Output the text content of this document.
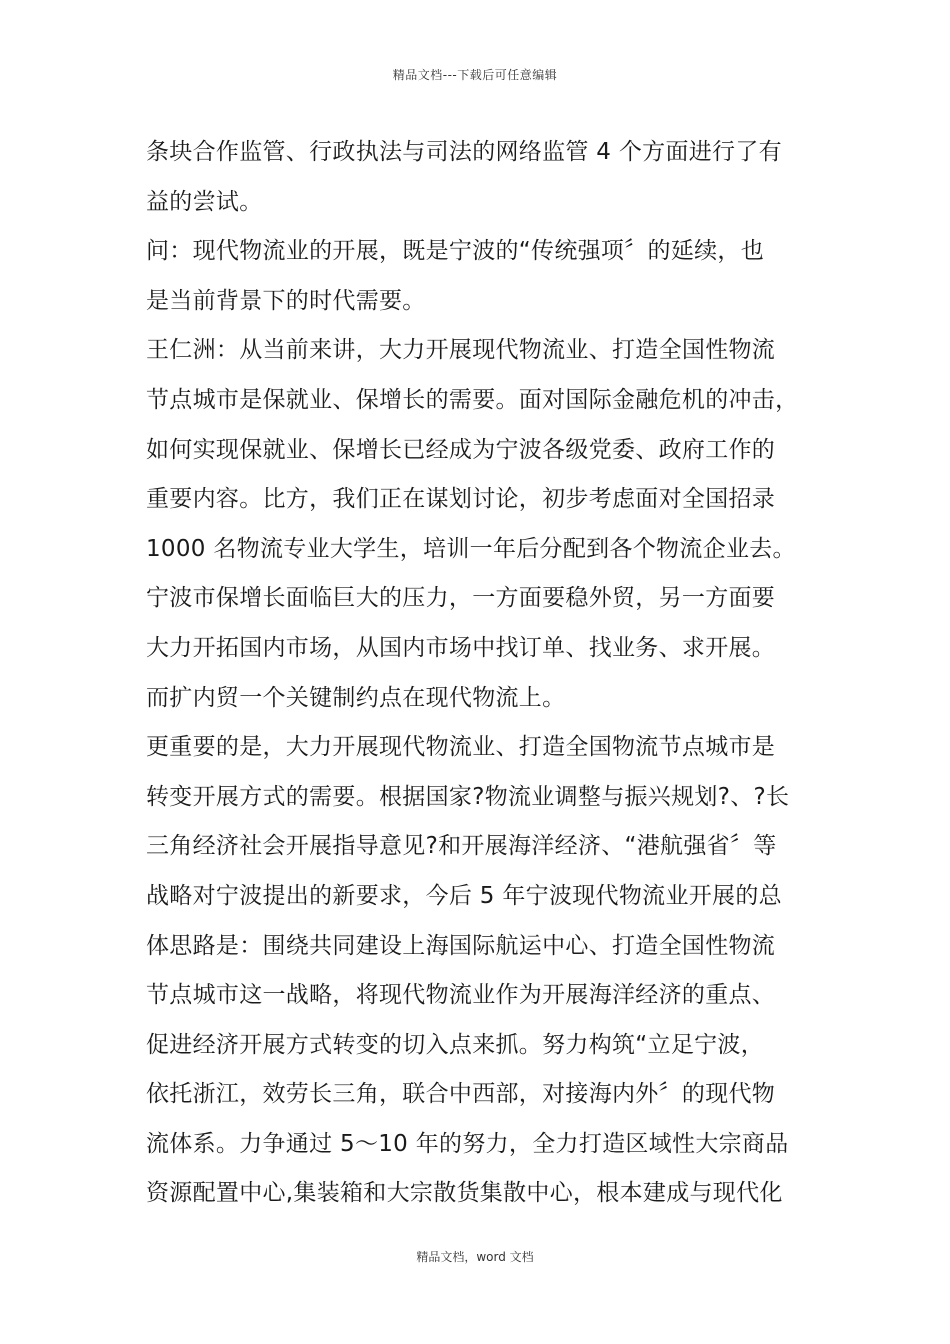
精品文档---下载后可任意编辑
条块合作监管、行政执法与司法的网络监管 4 个方面进行了有
益的尝试。
问：现代物流业的开展，既是宁波的“传统强项〞的延续，也
是当前背景下的时代需要。
王仁洲：从当前来讲，大力开展现代物流业、打造全国性物流
节点城市是保就业、保增长的需要。面对国际金融危机的冲击，
如何实现保就业、保增长已经成为宁波各级党委、政府工作的
重要内容。比方，我们正在谋划讨论，初步考虑面对全国招录
1000 名物流专业大学生，培训一年后分配到各个物流企业去。
宁波市保增长面临巨大的压力，一方面要稳外贸，另一方面要
大力开拓国内市场，从国内市场中找订单、找业务、求开展。
而扩内贸一个关键制约点在现代物流上。
更重要的是，大力开展现代物流业、打造全国物流节点城市是
转变开展方式的需要。根据国家?物流业调整与振兴规划?、?长
三角经济社会开展指导意见?和开展海洋经济、“港航强省〞等
战略对宁波提出的新要求，今后 5 年宁波现代物流业开展的总
体思路是：围绕共同建设上海国际航运中心、打造全国性物流
节点城市这一战略，将现代物流业作为开展海洋经济的重点、
促进经济开展方式转变的切入点来抓。努力构筑“立足宁波，
依托浙江，效劳长三角，联合中西部，对接海内外〞的现代物
流体系。力争通过 5～10 年的努力，全力打造区域性大宗商品
资源配置中心,集装箱和大宗散货集散中心，根本建成与现代化
精品文档，word 文档
